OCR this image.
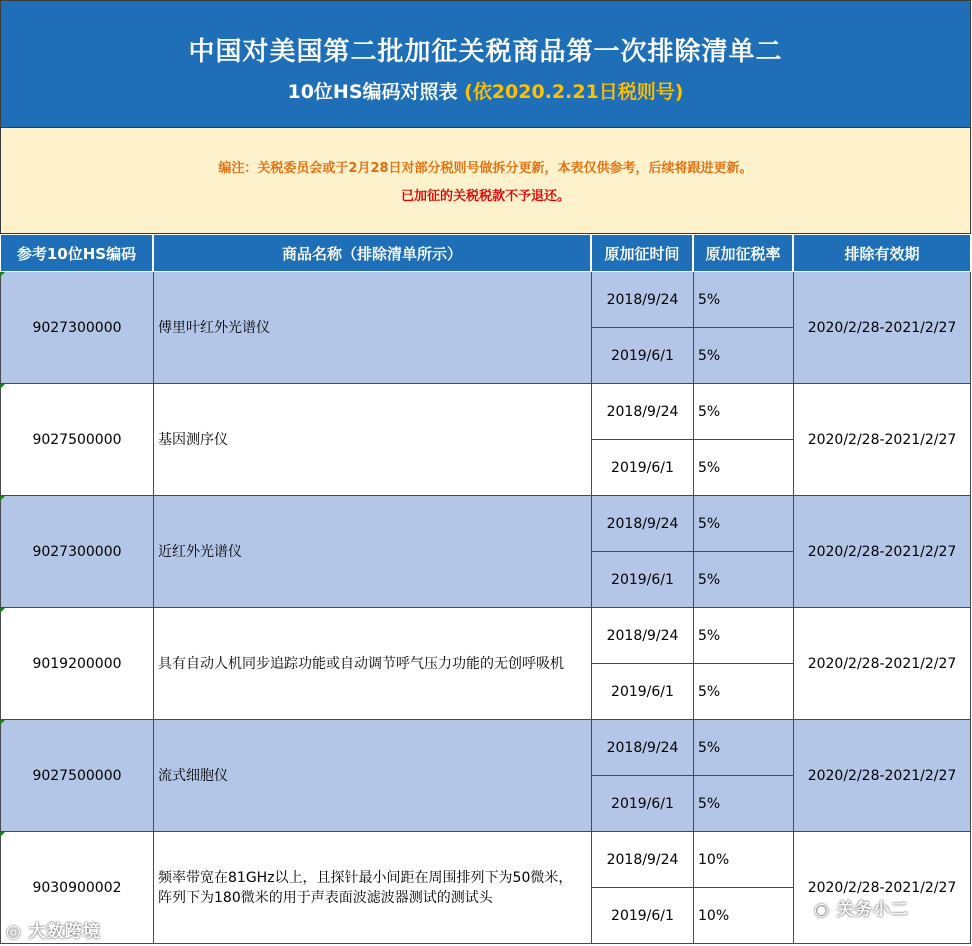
中国对美国第二批加征关税商品第一次排除清单二
10位HS编码对照表 (依2020.2.21日税则号)
编注：关税委员会或于2月28日对部分税则号做拆分更新，本表仅供参考，后续将跟进更新。
已加征的关税税款不予退还。
参考10位HS编码	商品名称（排除清单所示）	原加征时间	原加征税率	排除有效期
9027300000	傅里叶红外光谱仪
2018/9/24	5%
2019/6/1	5%
2020/2/28-2021/2/27
9027500000	基因测序仪
2018/9/24	5%
2019/6/1	5%
2020/2/28-2021/2/27
9027300000	近红外光谱仪
2018/9/24	5%
2019/6/1	5%
2020/2/28-2021/2/27
9019200000	具有自动人机同步追踪功能或自动调节呼气压力功能的无创呼吸机
2018/9/24	5%
2019/6/1	5%
2020/2/28-2021/2/27
9027500000	流式细胞仪
2018/9/24	5%
2019/6/1	5%
2020/2/28-2021/2/27
9030900002
频率带宽在81GHz以上，且探针最小间距在周围排列下为50微米，阵列下为180微米的用于声表面波滤波器测试的测试头
2018/9/24	10%
2019/6/1	10%
2020/2/28-2021/2/27
◎ 大数跨境
◉ 关务小二
